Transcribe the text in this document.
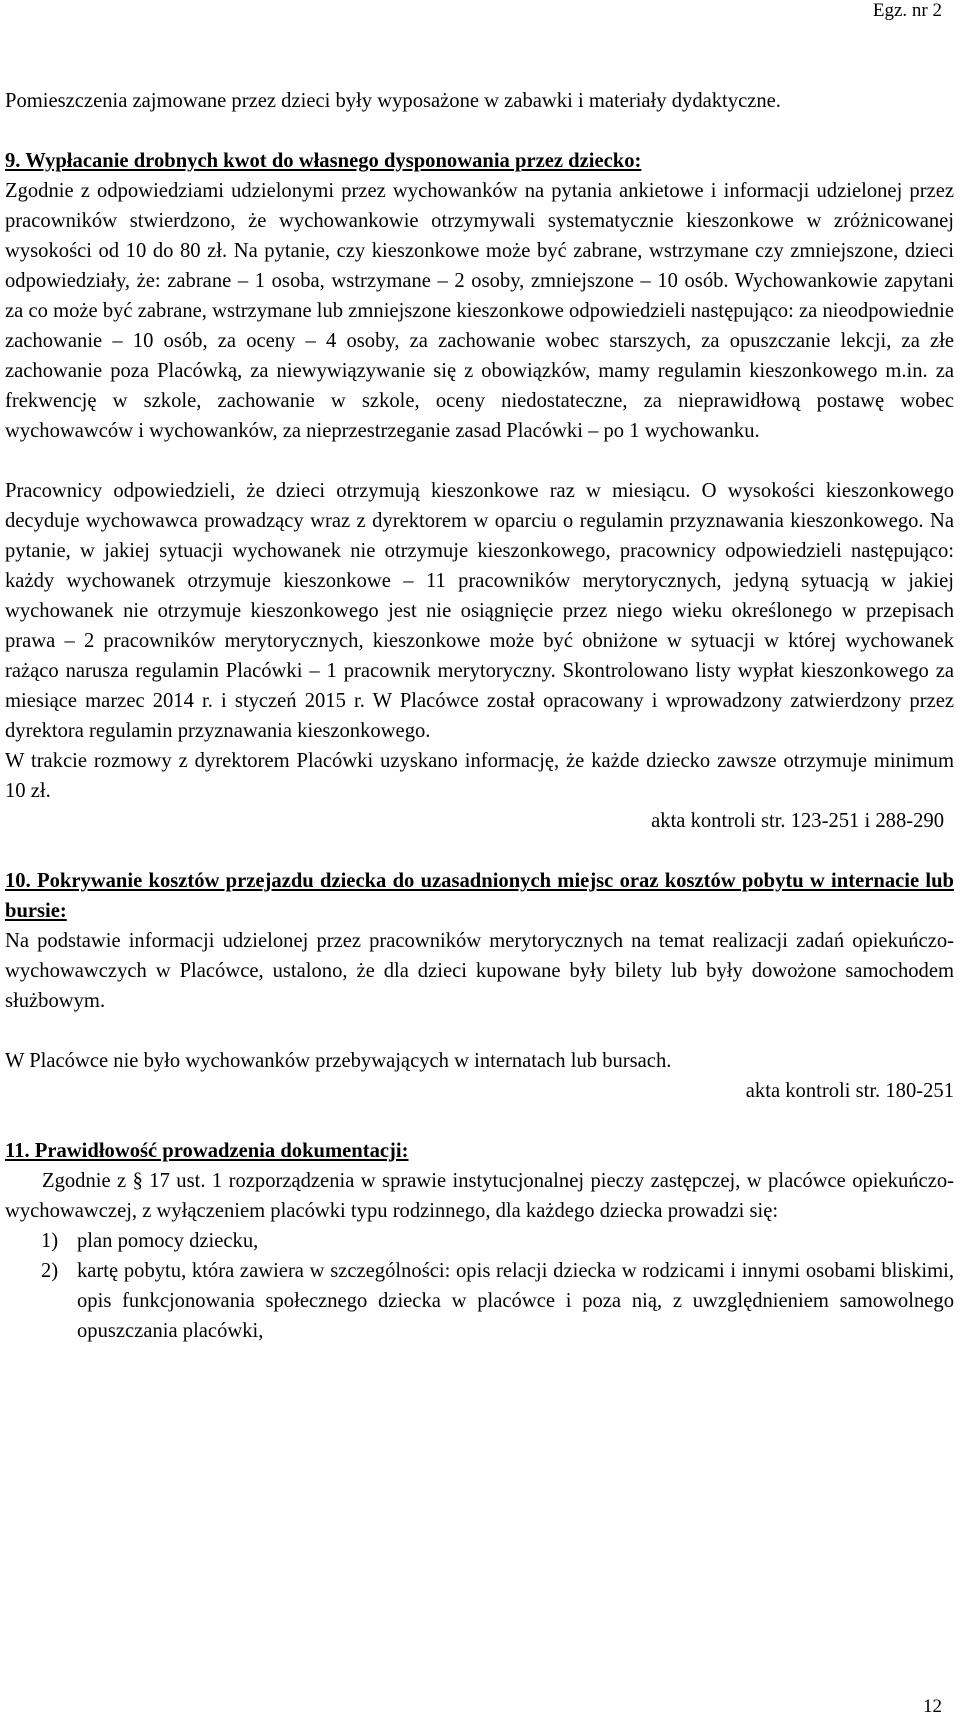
Egz. nr 2

Pomieszczenia zajmowane przez dzieci były wyposażone w zabawki i materiały dydaktyczne.

9. Wypłacanie drobnych kwot do własnego dysponowania przez dziecko:

Zgodnie z odpowiedziami udzielonymi przez wychowanków na pytania ankietowe i informacji udzielonej przez pracowników stwierdzono, że wychowankowie otrzymywali systematycznie kieszonkowe w zróżnicowanej wysokości od 10 do 80 zł. Na pytanie, czy kieszonkowe może być zabrane, wstrzymane czy zmniejszone, dzieci odpowiedziały, że: zabrane – 1 osoba, wstrzymane – 2 osoby, zmniejszone – 10 osób. Wychowankowie zapytani za co może być zabrane, wstrzymane lub zmniejszone kieszonkowe odpowiedzieli następująco: za nieodpowiednie zachowanie – 10 osób, za oceny – 4 osoby, za zachowanie wobec starszych, za opuszczanie lekcji, za złe zachowanie poza Placówką, za niewywiązywanie się z obowiązków, mamy regulamin kieszonkowego m.in. za frekwencję w szkole, zachowanie w szkole, oceny niedostateczne, za nieprawidłową postawę wobec wychowawców i wychowanków, za nieprzestrzeganie zasad Placówki – po 1 wychowanku.

Pracownicy odpowiedzieli, że dzieci otrzymują kieszonkowe raz w miesiącu. O wysokości kieszonkowego decyduje wychowawca prowadzący wraz z dyrektorem w oparciu o regulamin przyznawania kieszonkowego. Na pytanie, w jakiej sytuacji wychowanek nie otrzymuje kieszonkowego, pracownicy odpowiedzieli następująco: każdy wychowanek otrzymuje kieszonkowe – 11 pracowników merytorycznych, jedyną sytuacją w jakiej wychowanek nie otrzymuje kieszonkowego jest nie osiągnięcie przez niego wieku określonego w przepisach prawa – 2 pracowników merytorycznych, kieszonkowe może być obniżone w sytuacji w której wychowanek rażąco narusza regulamin Placówki – 1 pracownik merytoryczny. Skontrolowano listy wypłat kieszonkowego za miesiące marzec 2014 r. i styczeń 2015 r. W Placówce został opracowany i wprowadzony zatwierdzony przez dyrektora regulamin przyznawania kieszonkowego.

W trakcie rozmowy z dyrektorem Placówki uzyskano informację, że każde dziecko zawsze otrzymuje minimum 10 zł.

akta kontroli str. 123-251 i 288-290

10. Pokrywanie kosztów przejazdu dziecka do uzasadnionych miejsc oraz kosztów pobytu w internacie lub bursie:

Na podstawie informacji udzielonej przez pracowników merytorycznych na temat realizacji zadań opiekuńczo-wychowawczych w Placówce, ustalono, że dla dzieci kupowane były bilety lub były dowożone samochodem służbowym.

W Placówce nie było wychowanków przebywających w internatach lub bursach.

akta kontroli str. 180-251

11. Prawidłowość prowadzenia dokumentacji:

Zgodnie z § 17 ust. 1 rozporządzenia w sprawie instytucjonalnej pieczy zastępczej, w placówce opiekuńczo-wychowawczej, z wyłączeniem placówki typu rodzinnego, dla każdego dziecka prowadzi się:

1) plan pomocy dziecku,
2) kartę pobytu, która zawiera w szczególności: opis relacji dziecka w rodzicami i innymi osobami bliskimi, opis funkcjonowania społecznego dziecka w placówce i poza nią, z uwzględnieniem samowolnego opuszczania placówki,
12
